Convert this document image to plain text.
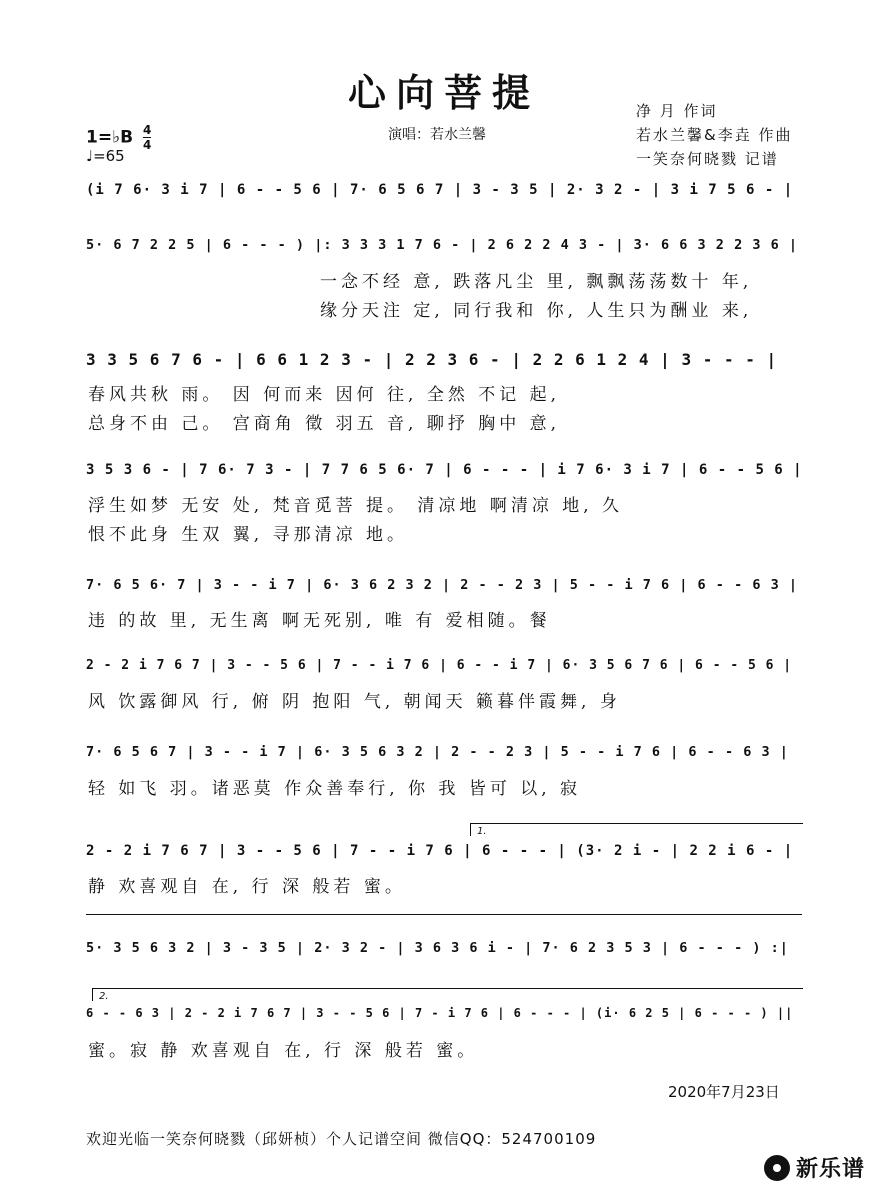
心向菩提
1=♭B $\frac{4}{4}$
♩=65
演唱：若水兰馨
净 月 作词
若水兰馨&李垚 作曲
一笑奈何晓戮 记谱
(i 7 6· 3 i 7 | 6 - - 5 6 | 7· 6 5 6 7 | 3 - 3 5 | 2· 3 2 - | 3 i 7 5 6 - |
5· 6 7 2 2 5 | 6 - - - ) |: 3 3 3 1 7 6 - | 2 6 2 2 4 3 - | 3· 6 6 3 2 2 3 6 |
一念不经 意, 跌落凡尘 里, 飘飘荡荡数十 年,
缘分天注 定, 同行我和 你, 人生只为酬业 来,
3 3 5 6 7 6 - | 6 6 1 2 3 - | 2 2 3 6 - | 2 2 6 1 2 4 | 3 - - - |
春风共秋 雨。 因 何而来 因何 往, 全然 不记 起,
总身不由 己。 宫商角 徵 羽五 音, 聊抒 胸中 意,
3 5 3 6 - | 7 6· 7 3 - | 7 7 6 5 6· 7 | 6 - - - | i 7 6· 3 i 7 | 6 - - 5 6 |
浮生如梦 无安 处, 梵音觅菩 提。 清凉地 啊清凉 地, 久
恨不此身 生双 翼, 寻那清凉 地。
7· 6 5 6· 7 | 3 - - i 7 | 6· 3 6 2 3 2 | 2 - - 2 3 | 5 - - i 7 6 | 6 - - 6 3 |
违 的故 里, 无生离 啊无死别, 唯 有 爱相随。餐
2 - 2 i 7 6 7 | 3 - - 5 6 | 7 - - i 7 6 | 6 - - i 7 | 6· 3 5 6 7 6 | 6 - - 5 6 |
风 饮露御风 行, 俯 阴 抱阳 气, 朝闻天 籁暮伴霞舞, 身
7· 6 5 6 7 | 3 - - i 7 | 6· 3 5 6 3 2 | 2 - - 2 3 | 5 - - i 7 6 | 6 - - 6 3 |
轻 如飞 羽。诸恶莫 作众善奉行, 你 我 皆可 以, 寂
1.
2 - 2 i 7 6 7 | 3 - - 5 6 | 7 - - i 7 6 | 6 - - - | (3· 2 i - | 2 2 i 6 - |
静 欢喜观自 在, 行 深 般若 蜜。
5· 3 5 6 3 2 | 3 - 3 5 | 2· 3 2 - | 3 6 3 6 i - | 7· 6 2 3 5 3 | 6 - - - ) :|
2.
6 - - 6 3 | 2 - 2 i 7 6 7 | 3 - - 5 6 | 7 - i 7 6 | 6 - - - | (i· 6 2 5 | 6 - - - ) ||
蜜。寂 静 欢喜观自 在, 行 深 般若 蜜。
2020年7月23日
欢迎光临一笑奈何晓戮（邱妍桢）个人记谱空间 微信QQ：524700109
新乐谱
